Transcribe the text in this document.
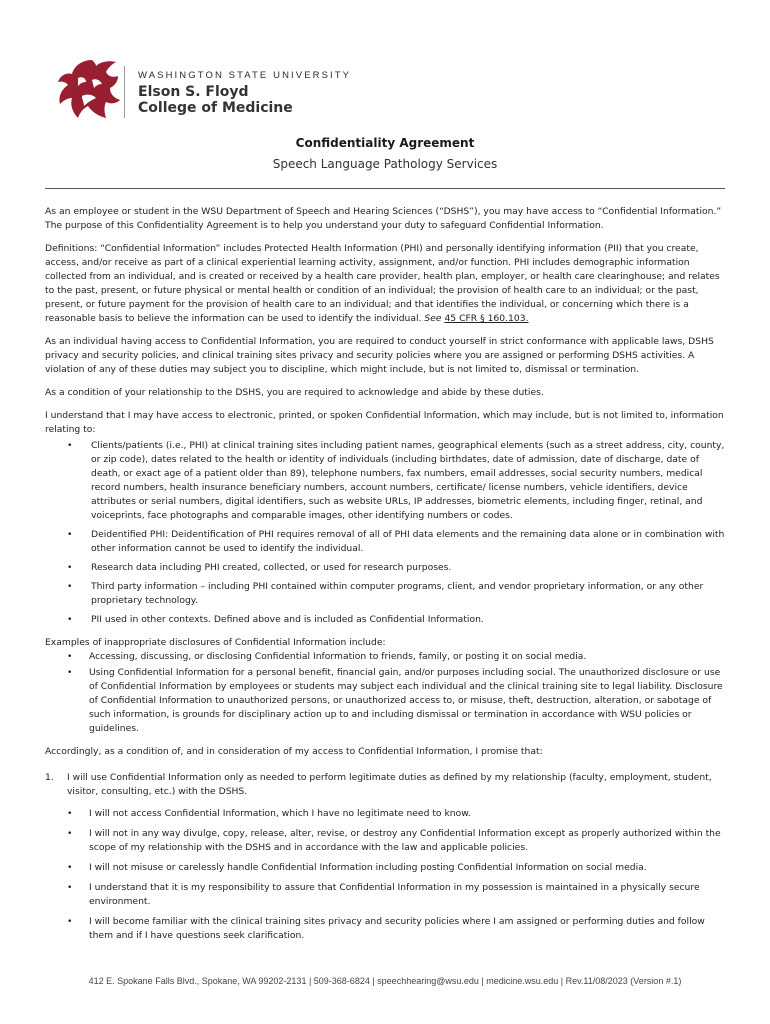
WASHINGTON STATE UNIVERSITY
Elson S. Floyd
College of Medicine
Confidentiality Agreement
Speech Language Pathology Services

As an employee or student in the WSU Department of Speech and Hearing Sciences (“DSHS”), you may have access to “Confidential Information.” The purpose of this Confidentiality Agreement is to help you understand your duty to safeguard Confidential Information.

Definitions: “Confidential Information” includes Protected Health Information (PHI) and personally identifying information (PII) that you create, access, and/or receive as part of a clinical experiential learning activity, assignment, and/or function. PHI includes demographic information collected from an individual, and is created or received by a health care provider, health plan, employer, or health care clearinghouse; and relates to the past, present, or future physical or mental health or condition of an individual; the provision of health care to an individual; or the past, present, or future payment for the provision of health care to an individual; and that identifies the individual, or concerning which there is a reasonable basis to believe the information can be used to identify the individual. See 45 CFR § 160.103.

As an individual having access to Confidential Information, you are required to conduct yourself in strict conformance with applicable laws, DSHS privacy and security policies, and clinical training sites privacy and security policies where you are assigned or performing DSHS activities. A violation of any of these duties may subject you to discipline, which might include, but is not limited to, dismissal or termination.

As a condition of your relationship to the DSHS, you are required to acknowledge and abide by these duties.

I understand that I may have access to electronic, printed, or spoken Confidential Information, which may include, but is not limited to, information relating to:

• Clients/patients (i.e., PHI) at clinical training sites including patient names, geographical elements (such as a street address, city, county, or zip code), dates related to the health or identity of individuals (including birthdates, date of admission, date of discharge, date of death, or exact age of a patient older than 89), telephone numbers, fax numbers, email addresses, social security numbers, medical record numbers, health insurance beneficiary numbers, account numbers, certificate/ license numbers, vehicle identifiers, device attributes or serial numbers, digital identifiers, such as website URLs, IP addresses, biometric elements, including finger, retinal, and voiceprints, face photographs and comparable images, other identifying numbers or codes.
• Deidentified PHI: Deidentification of PHI requires removal of all of PHI data elements and the remaining data alone or in combination with other information cannot be used to identify the individual.
• Research data including PHI created, collected, or used for research purposes.
• Third party information – including PHI contained within computer programs, client, and vendor proprietary information, or any other proprietary technology.
• PII used in other contexts. Defined above and is included as Confidential Information.

Examples of inappropriate disclosures of Confidential Information include:

• Accessing, discussing, or disclosing Confidential Information to friends, family, or posting it on social media.
• Using Confidential Information for a personal benefit, financial gain, and/or purposes including social. The unauthorized disclosure or use of Confidential Information by employees or students may subject each individual and the clinical training site to legal liability. Disclosure of Confidential Information to unauthorized persons, or unauthorized access to, or misuse, theft, destruction, alteration, or sabotage of such information, is grounds for disciplinary action up to and including dismissal or termination in accordance with WSU policies or guidelines.

Accordingly, as a condition of, and in consideration of my access to Confidential Information, I promise that:

1. I will use Confidential Information only as needed to perform legitimate duties as defined by my relationship (faculty, employment, student, visitor, consulting, etc.) with the DSHS.
• I will not access Confidential Information, which I have no legitimate need to know.
• I will not in any way divulge, copy, release, alter, revise, or destroy any Confidential Information except as properly authorized within the scope of my relationship with the DSHS and in accordance with the law and applicable policies.
• I will not misuse or carelessly handle Confidential Information including posting Confidential Information on social media.
• I understand that it is my responsibility to assure that Confidential Information in my possession is maintained in a physically secure environment.
• I will become familiar with the clinical training sites privacy and security policies where I am assigned or performing duties and follow them and if I have questions seek clarification.
412 E. Spokane Falls Blvd., Spokane, WA 99202-2131 | 509-368-6824 | speechhearing@wsu.edu | medicine.wsu.edu | Rev.11/08/2023 (Version #.1)
